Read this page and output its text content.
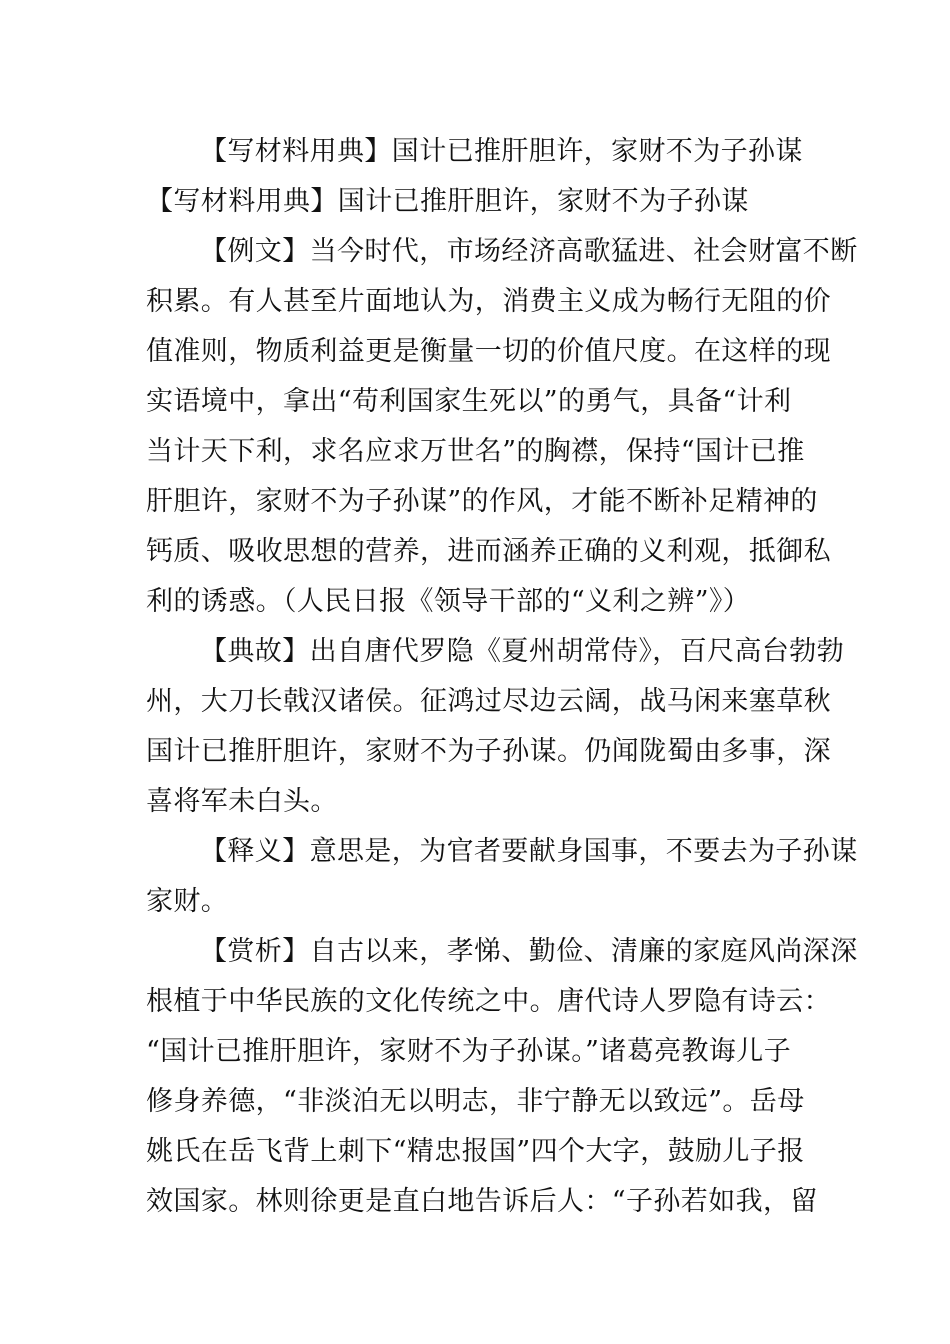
【写材料用典】国计已推肝胆许，家财不为子孙谋
【写材料用典】国计已推肝胆许，家财不为子孙谋
【例文】当今时代，市场经济高歌猛进、社会财富不断
积累。有人甚至片面地认为，消费主义成为畅行无阻的价
值准则，物质利益更是衡量一切的价值尺度。在这样的现
实语境中，拿出“苟利国家生死以”的勇气，具备“计利
当计天下利，求名应求万世名”的胸襟，保持“国计已推
肝胆许，家财不为子孙谋”的作风，才能不断补足精神的
钙质、吸收思想的营养，进而涵养正确的义利观，抵御私
利的诱惑。（人民日报《领导干部的“义利之辨”》）
【典故】出自唐代罗隐《夏州胡常侍》，百尺高台勃勃
州，大刀长戟汉诸侯。征鸿过尽边云阔，战马闲来塞草秋
国计已推肝胆许，家财不为子孙谋。仍闻陇蜀由多事，深
喜将军未白头。
【释义】意思是，为官者要献身国事，不要去为子孙谋
家财。
【赏析】自古以来，孝悌、勤俭、清廉的家庭风尚深深
根植于中华民族的文化传统之中。唐代诗人罗隐有诗云：
“国计已推肝胆许，家财不为子孙谋。”诸葛亮教诲儿子
修身养德，“非淡泊无以明志，非宁静无以致远”。岳母
姚氏在岳飞背上刺下“精忠报国”四个大字，鼓励儿子报
效国家。林则徐更是直白地告诉后人：“子孙若如我，留
